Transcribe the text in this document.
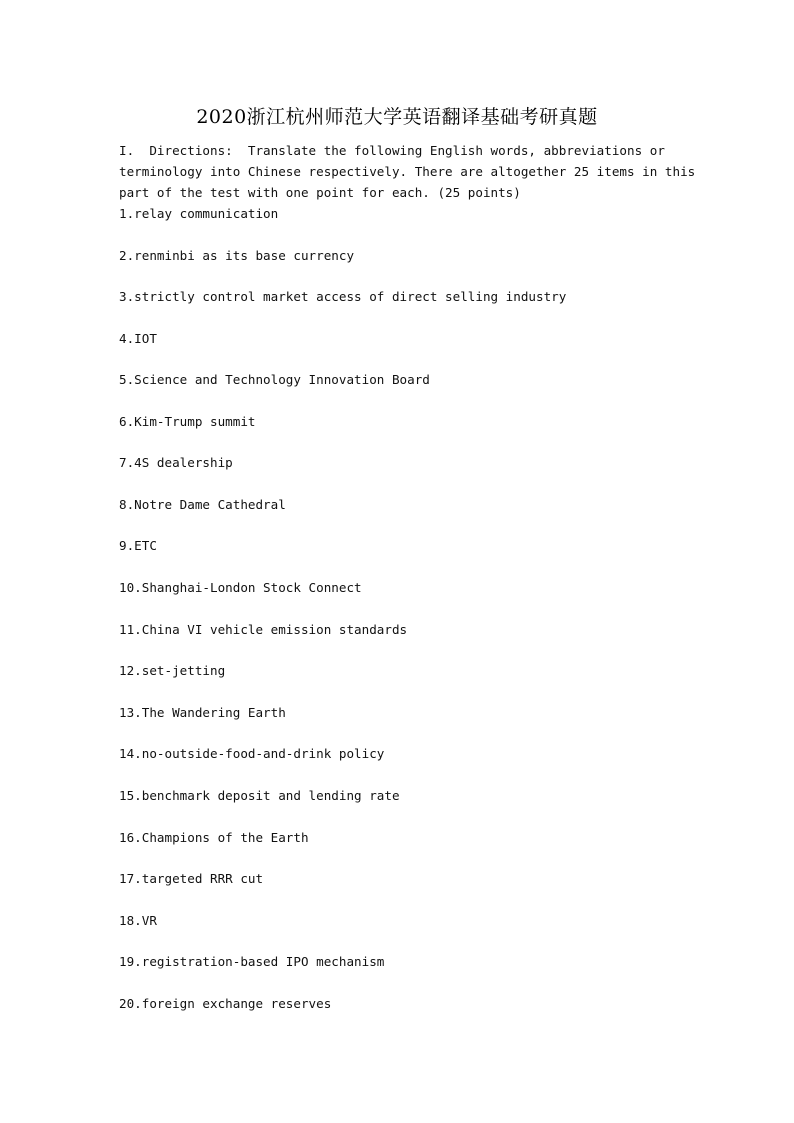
2020浙江杭州师范大学英语翻译基础考研真题
I.  Directions:  Translate the following English words, abbreviations or
terminology into Chinese respectively. There are altogether 25 items in this
part of the test with one point for each. (25 points)
1.relay communication
2.renminbi as its base currency
3.strictly control market access of direct selling industry
4.IOT
5.Science and Technology Innovation Board
6.Kim-Trump summit
7.4S dealership
8.Notre Dame Cathedral
9.ETC
10.Shanghai-London Stock Connect
11.China VI vehicle emission standards
12.set-jetting
13.The Wandering Earth
14.no-outside-food-and-drink policy
15.benchmark deposit and lending rate
16.Champions of the Earth
17.targeted RRR cut
18.VR
19.registration-based IPO mechanism
20.foreign exchange reserves
